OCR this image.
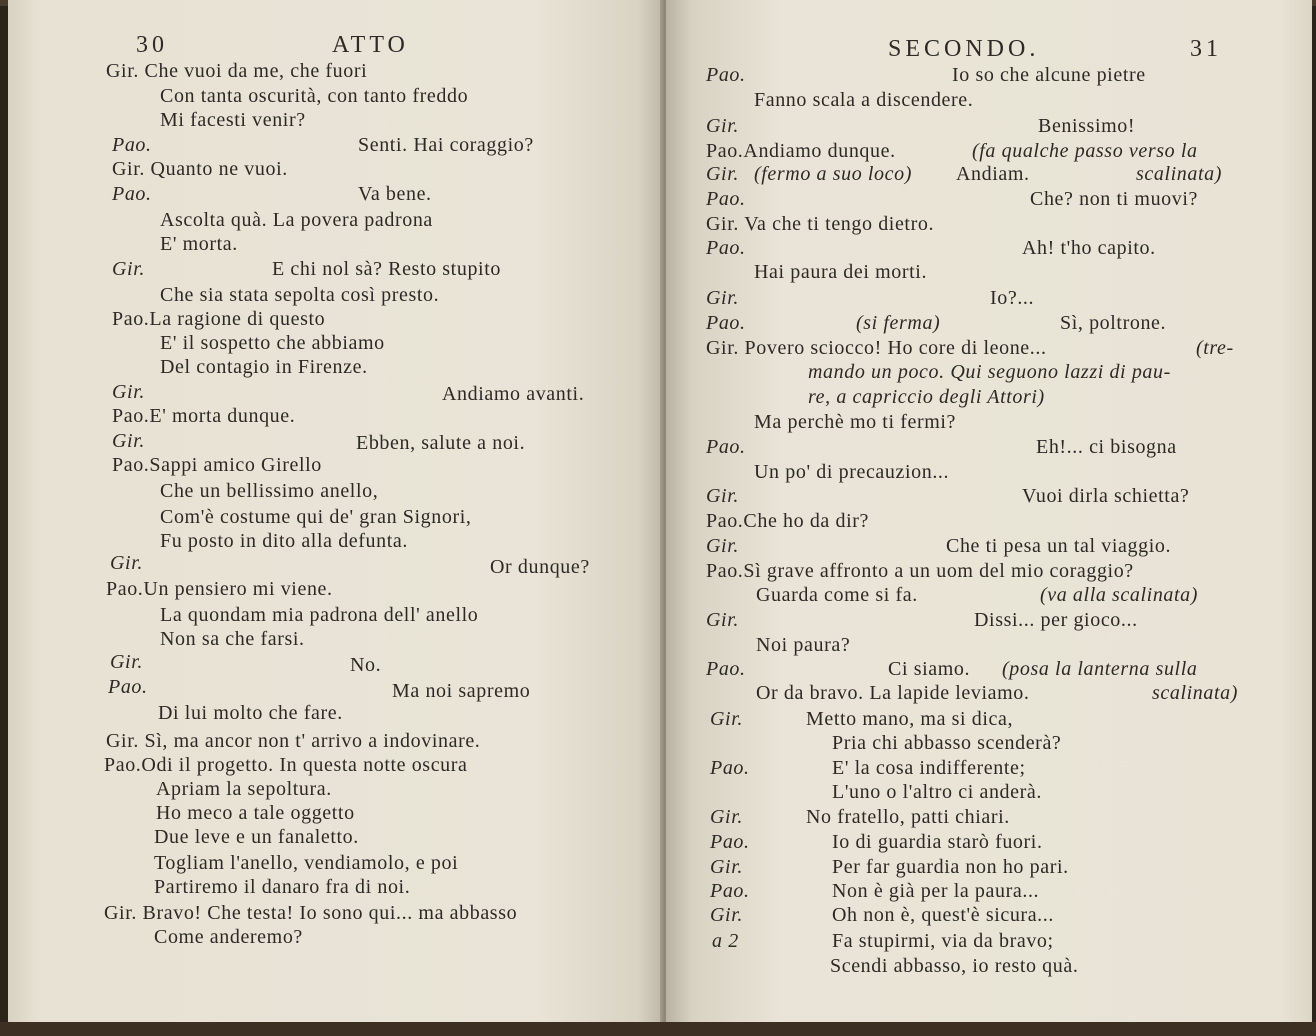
30	ATTO
Gir. Che vuoi da me, che fuori
Con tanta oscurità, con tanto freddo
Mi facesti venir?
Pao.	Senti. Hai coraggio?
Gir. Quanto ne vuoi.
Pao.	Va bene.
Ascolta quà. La povera padrona
E' morta.
Gir.	E chi nol sà? Resto stupito
Che sia stata sepolta così presto.
Pao.La ragione di questo
E' il sospetto che abbiamo
Del contagio in Firenze.
Gir.	Andiamo avanti.
Pao.E' morta dunque.
Gir.	Ebben, salute a noi.
Pao.Sappi amico Girello
Che un bellissimo anello,
Com'è costume qui de' gran Signori,
Fu posto in dito alla defunta.
Gir.	Or dunque?
Pao.Un pensiero mi viene.
La quondam mia padrona dell' anello
Non sa che farsi.
Gir.	No.
Pao.	Ma noi sapremo
Di lui molto che fare.
Gir. Sì, ma ancor non t' arrivo a indovinare.
Pao.Odi il progetto. In questa notte oscura
Apriam la sepoltura.
Ho meco a tale oggetto
Due leve e un fanaletto.
Togliam l'anello, vendiamolo, e poi
Partiremo il danaro fra di noi.
Gir. Bravo! Che testa! Io sono qui... ma abbasso
Come anderemo?
SECONDO.	31
Pao.	Io so che alcune pietre
Fanno scala a discendere.
Gir.	Benissimo!
Pao.Andiamo dunque.	(fa qualche passo verso la
Gir. (fermo a suo loco) Andiam.	scalinata)
Pao.	Che? non ti muovi?
Gir. Va che ti tengo dietro.
Pao.	Ah! t'ho capito.
Hai paura dei morti.
Gir.	Io?...
Pao.	(si ferma)	Sì, poltrone.
Gir. Povero sciocco! Ho core di leone...	(tre-
mando un poco. Qui seguono lazzi di pau-
re, a capriccio degli Attori)
Ma perchè mo ti fermi?
Pao.	Eh!... ci bisogna
Un po' di precauzion...
Gir.	Vuoi dirla schietta?
Pao.Che ho da dir?
Gir.	Che ti pesa un tal viaggio.
Pao.Sì grave affronto a un uom del mio coraggio?
Guarda come si fa.	(va alla scalinata)
Gir.	Dissi... per gioco...
Noi paura?
Pao.	Ci siamo. (posa la lanterna sulla
Or da bravo. La lapide leviamo.	scalinata)
Gir.	Metto mano, ma si dica,
Pria chi abbasso scenderà?
Pao.	E' la cosa indifferente;
L'uno o l'altro ci anderà.
Gir.	No fratello, patti chiari.
Pao.	Io di guardia starò fuori.
Gir.	Per far guardia non ho pari.
Pao.	Non è già per la paura...
Gir.	Oh non è, quest'è sicura...
a 2	Fa stupirmi, via da bravo;
Scendi abbasso, io resto quà.
